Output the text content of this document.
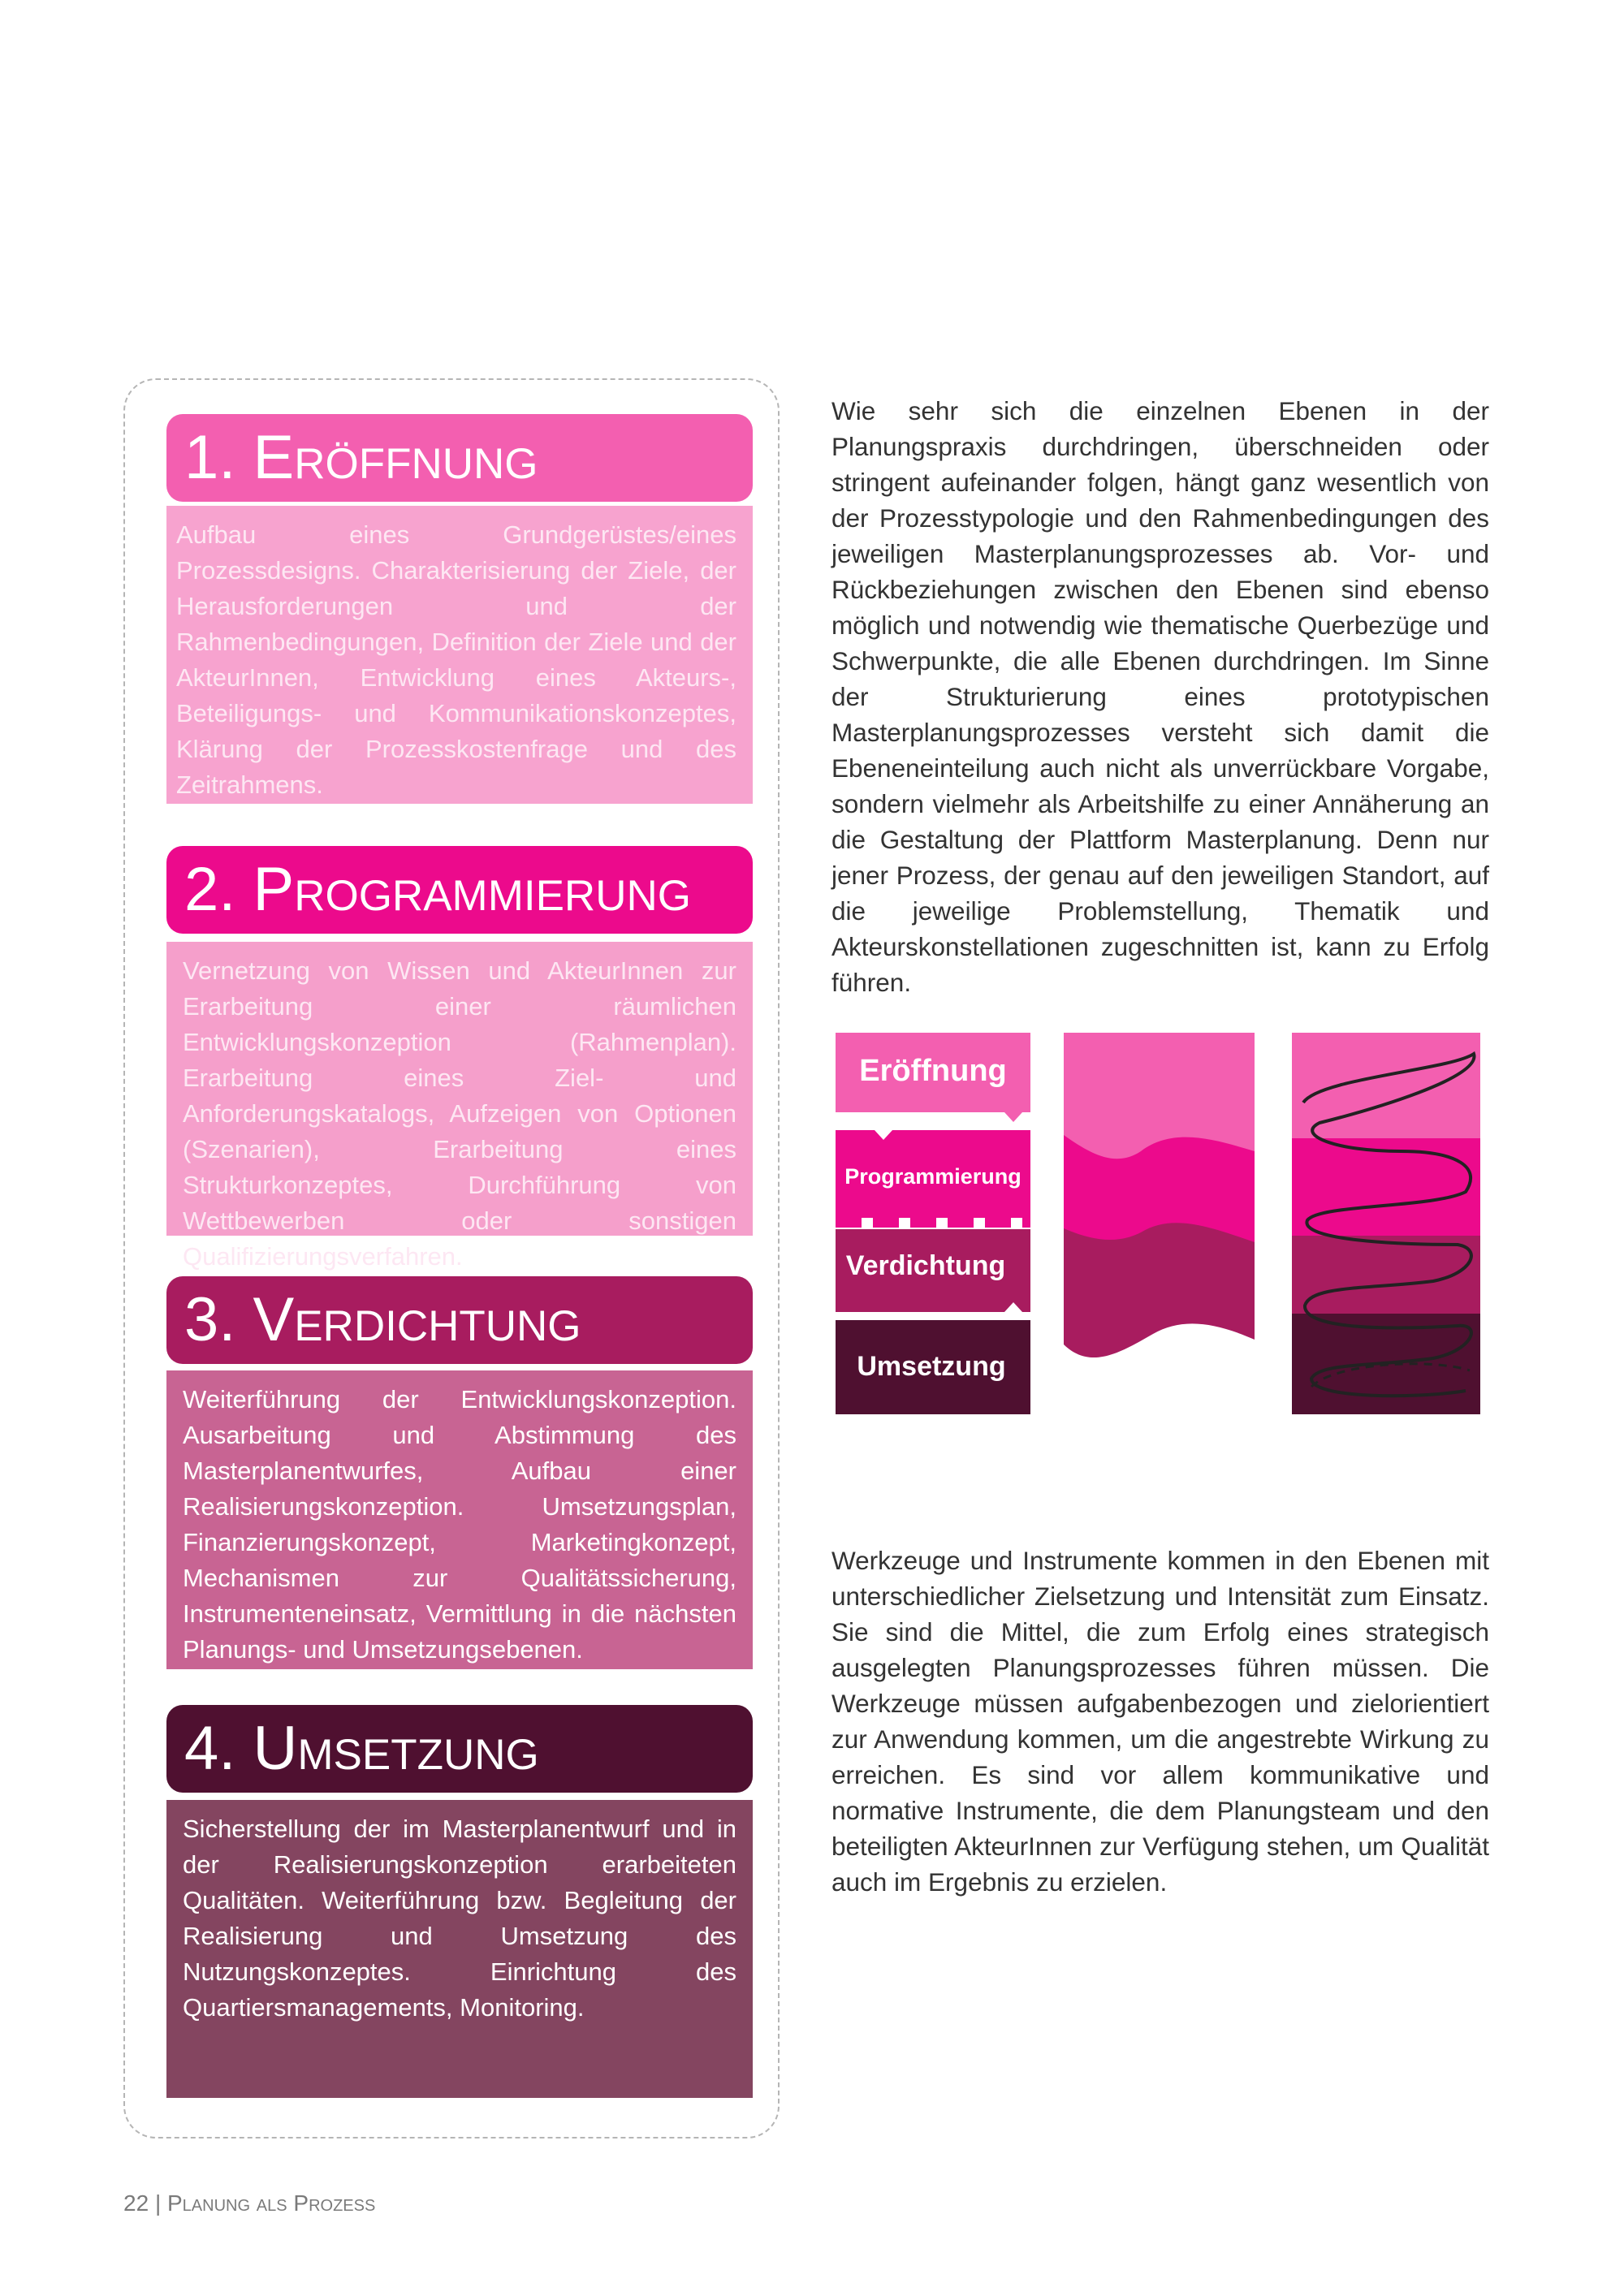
1. Eröffnung
Aufbau eines Grundgerüstes/eines Prozessdesigns. Charakterisierung der Ziele, der Herausforderungen und der Rahmenbedingungen, Definition der Ziele und der AkteurInnen, Entwicklung eines Akteurs-, Beteiligungs- und Kommunikationskonzeptes, Klärung der Prozesskostenfrage und des Zeitrahmens.
2. Programmierung
Vernetzung von Wissen und AkteurInnen zur Erarbeitung einer räumlichen Entwicklungskonzeption (Rahmenplan). Erarbeitung eines Ziel- und Anforderungskatalogs, Aufzeigen von Optionen (Szenarien), Erarbeitung eines Strukturkonzeptes, Durchführung von Wettbewerben oder sonstigen Qualifizierungsverfahren.
3. Verdichtung
Weiterführung der Entwicklungskonzeption. Ausarbeitung und Abstimmung des Masterplanentwurfes, Aufbau einer Realisierungskonzeption. Umsetzungsplan, Finanzierungskonzept, Marketingkonzept, Mechanismen zur Qualitätssicherung, Instrumenteneinsatz, Vermittlung in die nächsten Planungs- und Umsetzungsebenen.
4. Umsetzung
Sicherstellung der im Masterplanentwurf und in der Realisierungskonzeption erarbeiteten Qualitäten. Weiterführung bzw. Begleitung der Realisierung und Umsetzung des Nutzungskonzeptes. Einrichtung des Quartiersmanagements, Monitoring.
Wie sehr sich die einzelnen Ebenen in der Planungspraxis durchdringen, überschneiden oder stringent aufeinander folgen, hängt ganz wesentlich von der Prozesstypologie und den Rahmenbedingungen des jeweiligen Masterplanungsprozesses ab. Vor- und Rückbeziehungen zwischen den Ebenen sind ebenso möglich und notwendig wie thematische Querbezüge und Schwerpunkte, die alle Ebenen durchdringen. Im Sinne der Strukturierung eines prototypischen Masterplanungsprozesses versteht sich damit die Ebeneneinteilung auch nicht als unverrückbare Vorgabe, sondern vielmehr als Arbeitshilfe zu einer Annäherung an die Gestaltung der Plattform Masterplanung. Denn nur jener Prozess, der genau auf den jeweiligen Standort, auf die jeweilige Problemstellung, Thematik und Akteurskonstellationen zugeschnitten ist, kann zu Erfolg führen.
Eröffnung
Programmierung
Verdichtung
Umsetzung
Werkzeuge und Instrumente kommen in den Ebenen mit unterschiedlicher Zielsetzung und Intensität zum Einsatz. Sie sind die Mittel, die zum Erfolg eines strategisch ausgelegten Planungsprozesses führen müssen. Die Werkzeuge müssen aufgabenbezogen und zielorientiert zur Anwendung kommen, um die angestrebte Wirkung zu erreichen. Es sind vor allem kommunikative und normative Instrumente, die dem Planungsteam und den beteiligten AkteurInnen zur Verfügung stehen, um Qualität auch im Ergebnis zu erzielen.
22 | Planung als Prozess
